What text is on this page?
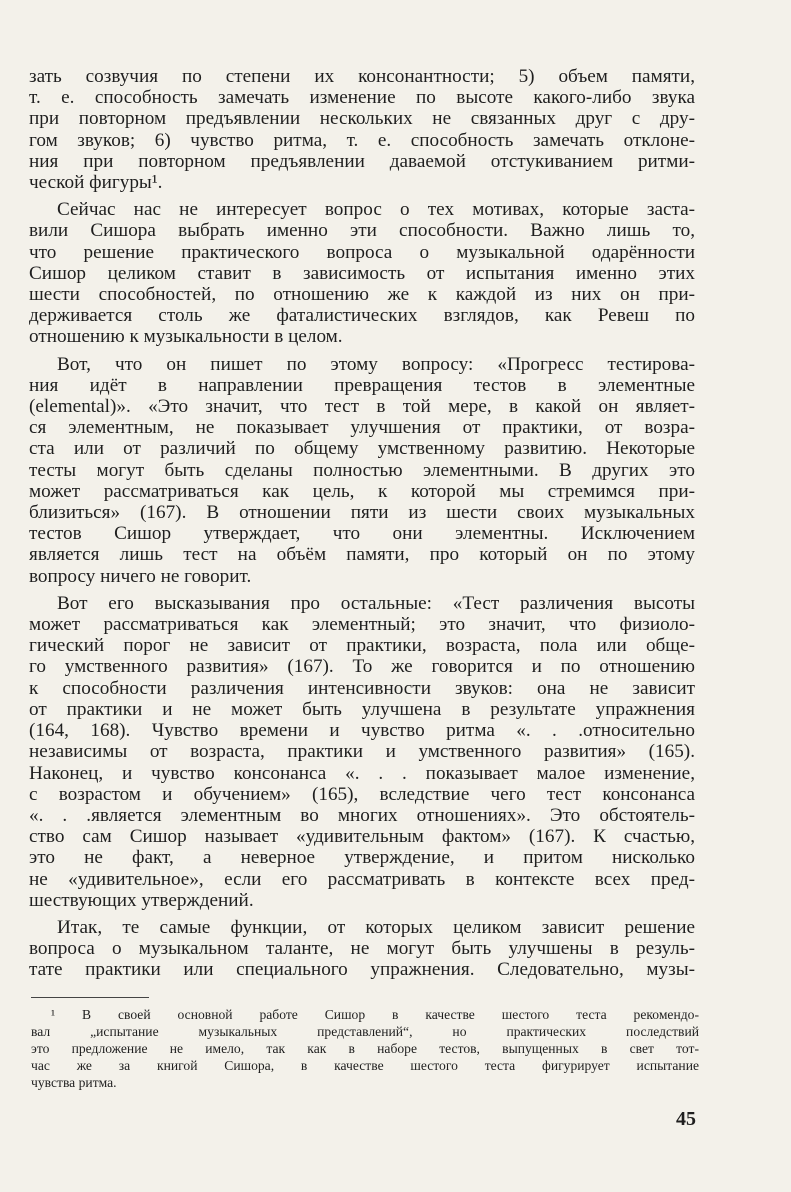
зать созвучия по степени их консонантности; 5) объем памяти,
т. е. способность замечать изменение по высоте какого-либо звука
при повторном предъявлении нескольких не связанных друг с дру-
гом звуков; 6) чувство ритма, т. е. способность замечать отклоне-
ния при повторном предъявлении даваемой отстукиванием ритми-
ческой фигуры¹.

Сейчас нас не интересует вопрос о тех мотивах, которые заста-
вили Сишора выбрать именно эти способности. Важно лишь то,
что решение практического вопроса о музыкальной одарённости
Сишор целиком ставит в зависимость от испытания именно этих
шести способностей, по отношению же к каждой из них он при-
держивается столь же фаталистических взглядов, как Ревеш по
отношению к музыкальности в целом.

Вот, что он пишет по этому вопросу: «Прогресс тестирова-
ния идёт в направлении превращения тестов в элементные
(elemental)». «Это значит, что тест в той мере, в какой он являет-
ся элементным, не показывает улучшения от практики, от возра-
ста или от различий по общему умственному развитию. Некоторые
тесты могут быть сделаны полностью элементными. В других это
может рассматриваться как цель, к которой мы стремимся при-
близиться» (167). В отношении пяти из шести своих музыкальных
тестов Сишор утверждает, что они элементны. Исключением
является лишь тест на объём памяти, про который он по этому
вопросу ничего не говорит.

Вот его высказывания про остальные: «Тест различения высоты
может рассматриваться как элементный; это значит, что физиоло-
гический порог не зависит от практики, возраста, пола или обще-
го умственного развития» (167). То же говорится и по отношению
к способности различения интенсивности звуков: она не зависит
от практики и не может быть улучшена в результате упражнения
(164, 168). Чувство времени и чувство ритма «. . .относительно
независимы от возраста, практики и умственного развития» (165).
Наконец, и чувство консонанса «. . . показывает малое изменение,
с возрастом и обучением» (165), вследствие чего тест консонанса
«. . .является элементным во многих отношениях». Это обстоятель-
ство сам Сишор называет «удивительным фактом» (167). К счастью,
это не факт, а неверное утверждение, и притом нисколько
не «удивительное», если его рассматривать в контексте всех пред-
шествующих утверждений.

Итак, те самые функции, от которых целиком зависит решение
вопроса о музыкальном таланте, не могут быть улучшены в резуль-
тате практики или специального упражнения. Следовательно, музы-

¹ В своей основной работе Сишор в качестве шестого теста рекомендо-
вал „испытание музыкальных представлений“, но практических последствий
это предложение не имело, так как в наборе тестов, выпущенных в свет тот-
час же за книгой Сишора, в качестве шестого теста фигурирует испытание
чувства ритма.
45
